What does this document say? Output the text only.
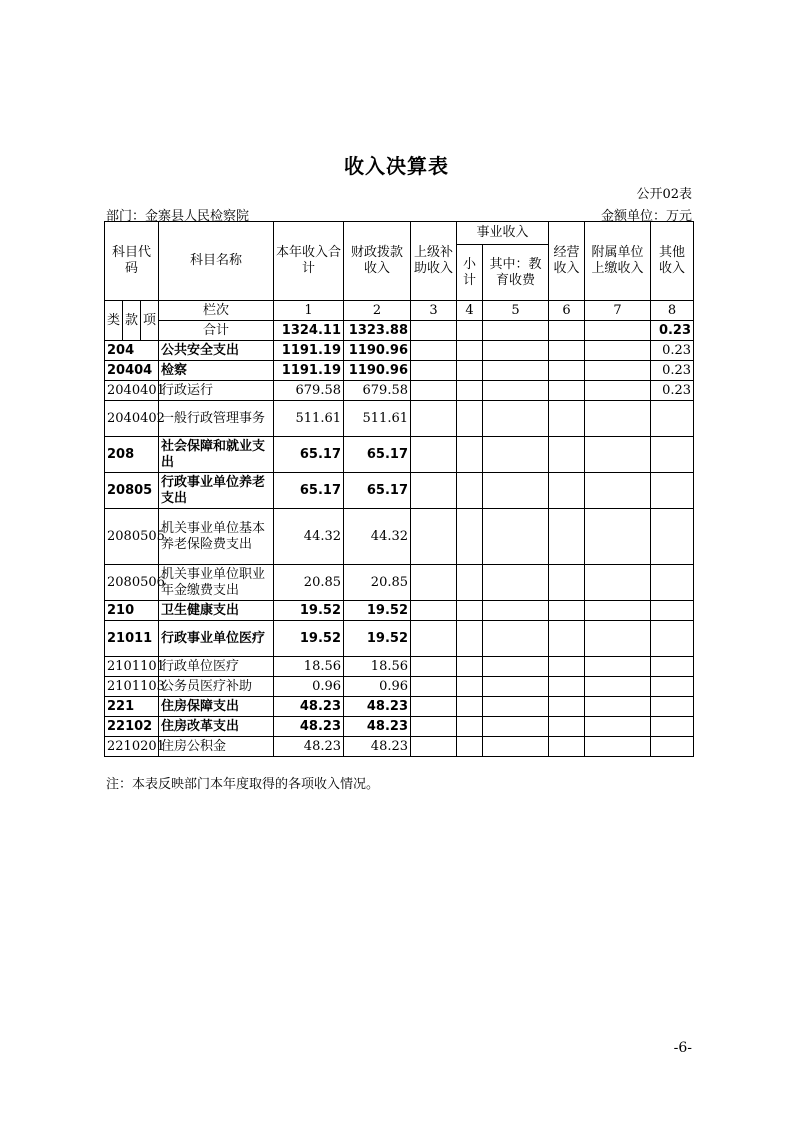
收入决算表
公开02表
部门：金寨县人民检察院	金额单位：万元
科目代码			科目名称	本年收入合计	财政拨款收入	上级补助收入	事业收入		经营收入	附属单位上缴收入	其他收入
							小计	其中：教育收费			

类	款	项	栏次	1	2	3	4	5	6	7	8
			合计	1324.11	1323.88						0.23
204			公共安全支出	1191.19	1190.96						0.23
20404			检察	1191.19	1190.96						0.23
2040401			行政运行	679.58	679.58						0.23
2040402			一般行政管理事务	511.61	511.61						
208			社会保障和就业支出	65.17	65.17						
20805			行政事业单位养老支出	65.17	65.17						
2080505			机关事业单位基本养老保险费支出	44.32	44.32						
2080506			机关事业单位职业年金缴费支出	20.85	20.85						
210			卫生健康支出	19.52	19.52						
21011			行政事业单位医疗	19.52	19.52						
2101101			行政单位医疗	18.56	18.56						
2101103			公务员医疗补助	0.96	0.96						
221			住房保障支出	48.23	48.23						
22102			住房改革支出	48.23	48.23						
2210201			住房公积金	48.23	48.23						
注：本表反映部门本年度取得的各项收入情况。
-6-
